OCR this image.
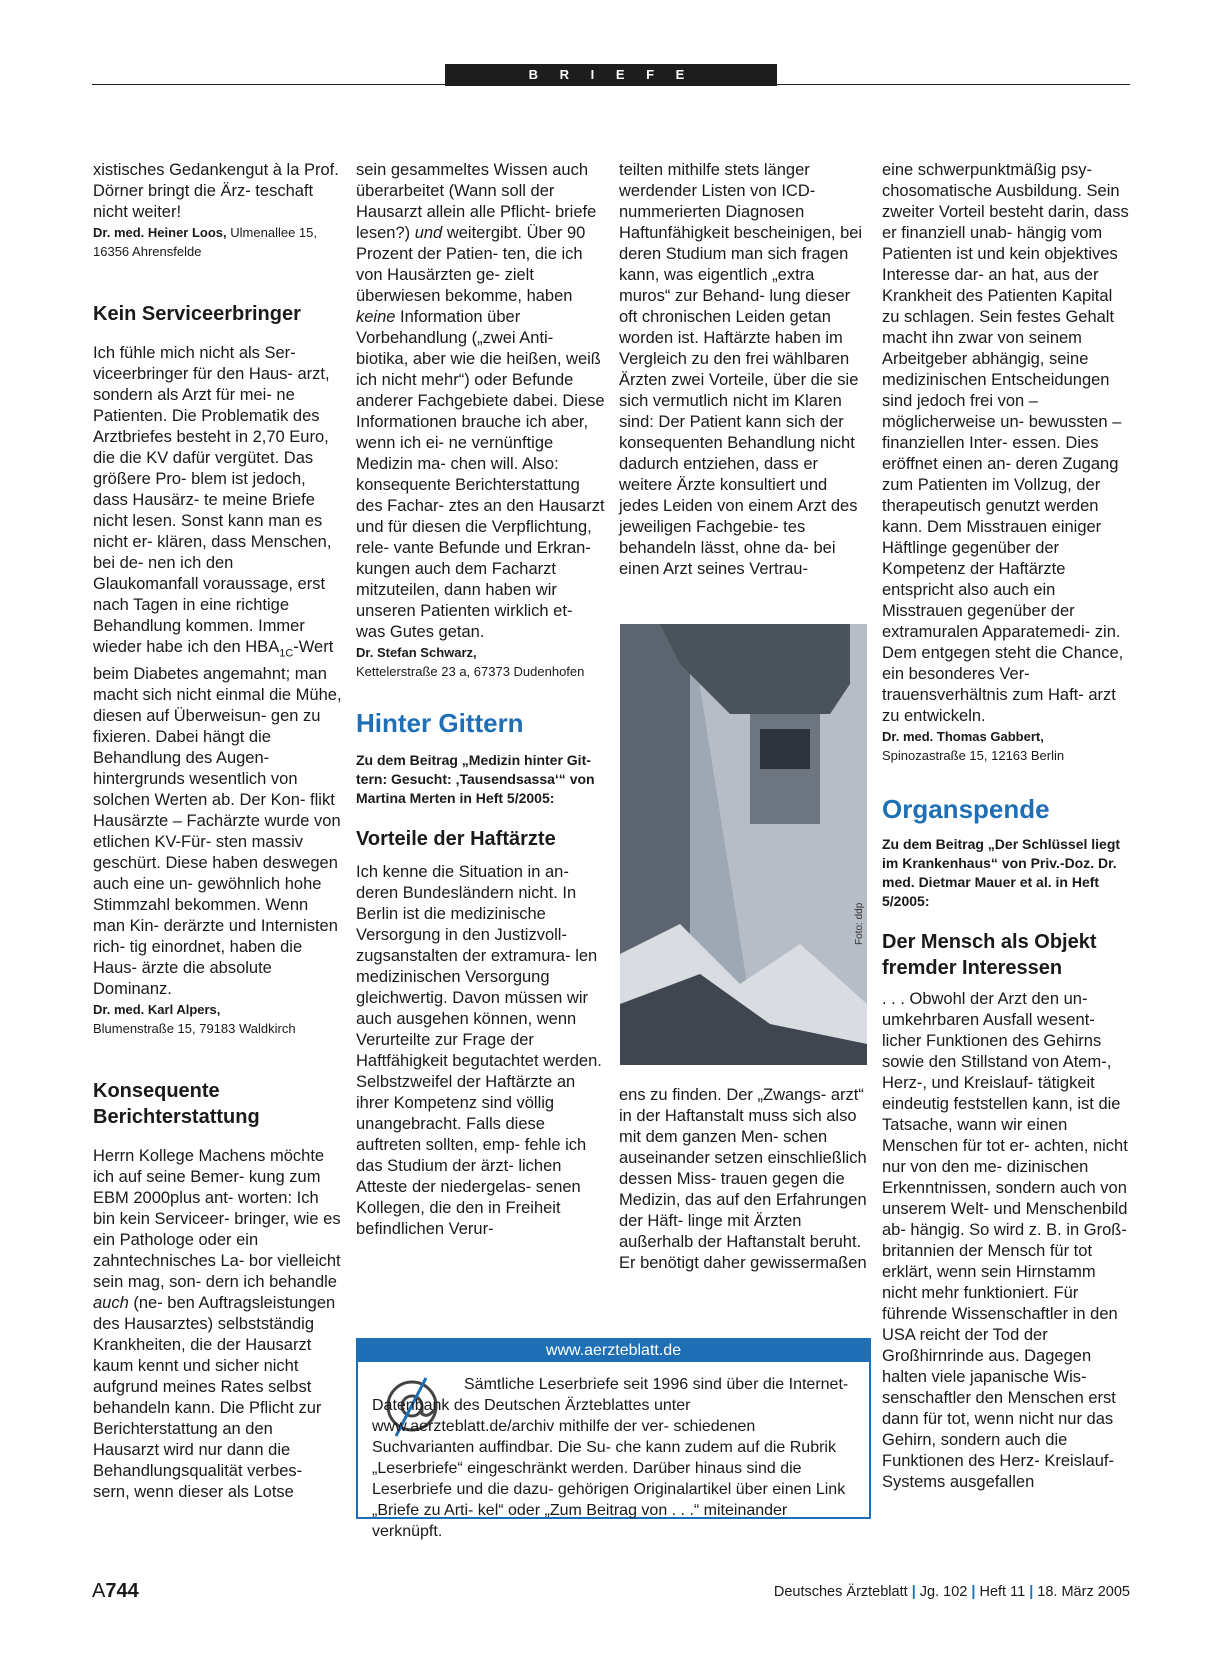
B R I E F E

xistisches Gedankengut à la Prof. Dörner bringt die Ärz- teschaft nicht weiter!

Dr. med. Heiner Loos, Ulmenallee 15, 16356 Ahrensfelde

Kein Serviceerbringer

Ich fühle mich nicht als Ser- viceerbringer für den Haus- arzt, sondern als Arzt für mei- ne Patienten. Die Problematik des Arztbriefes besteht in 2,70 Euro, die die KV dafür vergütet. Das größere Pro- blem ist jedoch, dass Hausärz- te meine Briefe nicht lesen. Sonst kann man es nicht er- klären, dass Menschen, bei de- nen ich den Glaukomanfall voraussage, erst nach Tagen in eine richtige Behandlung kommen. Immer wieder habe ich den $HBA_{1C}$-Wert beim Diabetes angemahnt; man macht sich nicht einmal die Mühe, diesen auf Überweisun- gen zu fixieren. Dabei hängt die Behandlung des Augen- hintergrunds wesentlich von solchen Werten ab. Der Kon- flikt Hausärzte – Fachärzte wurde von etlichen KV-Für- sten massiv geschürt. Diese haben deswegen auch eine un- gewöhnlich hohe Stimmzahl bekommen. Wenn man Kin- derärzte und Internisten rich- tig einordnet, haben die Haus- ärzte die absolute Dominanz.

Dr. med. Karl Alpers,
Blumenstraße 15, 79183 Waldkirch

Konsequente Berichterstattung

Herrn Kollege Machens möchte ich auf seine Bemer- kung zum EBM 2000plus ant- worten: Ich bin kein Serviceer- bringer, wie es ein Pathologe oder ein zahntechnisches La- bor vielleicht sein mag, son- dern ich behandle auch (ne- ben Auftragsleistungen des Hausarztes) selbstständig Krankheiten, die der Hausarzt kaum kennt und sicher nicht aufgrund meines Rates selbst behandeln kann. Die Pflicht zur Berichterstattung an den Hausarzt wird nur dann die Behandlungsqualität verbes- sern, wenn dieser als Lotse

sein gesammeltes Wissen auch überarbeitet (Wann soll der Hausarzt allein alle Pflicht- briefe lesen?) und weitergibt. Über 90 Prozent der Patien- ten, die ich von Hausärzten ge- zielt überwiesen bekomme, haben keine Information über Vorbehandlung („zwei Anti- biotika, aber wie die heißen, weiß ich nicht mehr“) oder Befunde anderer Fachgebiete dabei. Diese Informationen brauche ich aber, wenn ich ei- ne vernünftige Medizin ma- chen will. Also: konsequente Berichterstattung des Fachar- ztes an den Hausarzt und für diesen die Verpflichtung, rele- vante Befunde und Erkran- kungen auch dem Facharzt mitzuteilen, dann haben wir unseren Patienten wirklich et- was Gutes getan.

Dr. Stefan Schwarz,
Kettelerstraße 23 a, 67373 Dudenhofen

Hinter Gittern

Zu dem Beitrag „Medizin hinter Git- tern: Gesucht: ‚Tausendsassa‘“ von Martina Merten in Heft 5/2005:

Vorteile der Haftärzte

Ich kenne die Situation in an- deren Bundesländern nicht. In Berlin ist die medizinische Versorgung in den Justizvoll- zugsanstalten der extramura- len medizinischen Versorgung gleichwertig. Davon müssen wir auch ausgehen können, wenn Verurteilte zur Frage der Haftfähigkeit begutachtet werden. Selbstzweifel der Haftärzte an ihrer Kompetenz sind völlig unangebracht. Falls diese auftreten sollten, emp- fehle ich das Studium der ärzt- lichen Atteste der niedergelas- senen Kollegen, die den in Freiheit befindlichen Verur-

teilten mithilfe stets länger werdender Listen von ICD- nummerierten Diagnosen Haftunfähigkeit bescheinigen, bei deren Studium man sich fragen kann, was eigentlich „extra muros“ zur Behand- lung dieser oft chronischen Leiden getan worden ist. Haftärzte haben im Vergleich zu den frei wählbaren Ärzten zwei Vorteile, über die sie sich vermutlich nicht im Klaren sind: Der Patient kann sich der konsequenten Behandlung nicht dadurch entziehen, dass er weitere Ärzte konsultiert und jedes Leiden von einem Arzt des jeweiligen Fachgebie- tes behandeln lässt, ohne da- bei einen Arzt seines Vertrau-

Foto: ddp

ens zu finden. Der „Zwangs- arzt“ in der Haftanstalt muss sich also mit dem ganzen Men- schen auseinander setzen einschließlich dessen Miss- trauen gegen die Medizin, das auf den Erfahrungen der Häft- linge mit Ärzten außerhalb der Haftanstalt beruht. Er benötigt daher gewissermaßen

eine schwerpunktmäßig psy- chosomatische Ausbildung. Sein zweiter Vorteil besteht darin, dass er finanziell unab- hängig vom Patienten ist und kein objektives Interesse dar- an hat, aus der Krankheit des Patienten Kapital zu schlagen. Sein festes Gehalt macht ihn zwar von seinem Arbeitgeber abhängig, seine medizinischen Entscheidungen sind jedoch frei von – möglicherweise un- bewussten – finanziellen Inter- essen. Dies eröffnet einen an- deren Zugang zum Patienten im Vollzug, der therapeutisch genutzt werden kann. Dem Misstrauen einiger Häftlinge gegenüber der Kompetenz der Haftärzte entspricht also auch ein Misstrauen gegenüber der extramuralen Apparatemedi- zin. Dem entgegen steht die Chance, ein besonderes Ver- trauensverhältnis zum Haft- arzt zu entwickeln.

Dr. med. Thomas Gabbert,
Spinozastraße 15, 12163 Berlin

Organspende

Zu dem Beitrag „Der Schlüssel liegt im Krankenhaus“ von Priv.-Doz. Dr. med. Dietmar Mauer et al. in Heft 5/2005:

Der Mensch als Objekt fremder Interessen

. . . Obwohl der Arzt den un- umkehrbaren Ausfall wesent- licher Funktionen des Gehirns sowie den Stillstand von Atem-, Herz-, und Kreislauf- tätigkeit eindeutig feststellen kann, ist die Tatsache, wann wir einen Menschen für tot er- achten, nicht nur von den me- dizinischen Erkenntnissen, sondern auch von unserem Welt- und Menschenbild ab- hängig. So wird z. B. in Groß- britannien der Mensch für tot erklärt, wenn sein Hirnstamm nicht mehr funktioniert. Für führende Wissenschaftler in den USA reicht der Tod der Großhirnrinde aus. Dagegen halten viele japanische Wis- senschaftler den Menschen erst dann für tot, wenn nicht nur das Gehirn, sondern auch die Funktionen des Herz- Kreislauf-Systems ausgefallen

www.aerzteblatt.de
Sämtliche Leserbriefe seit 1996 sind über die Internet-Datenbank des Deutschen Ärzteblattes unter www.aerzteblatt.de/archiv mithilfe der ver- schiedenen Suchvarianten auffindbar. Die Su- che kann zudem auf die Rubrik „Leserbriefe“ eingeschränkt werden. Darüber hinaus sind die Leserbriefe und die dazu- gehörigen Originalartikel über einen Link „Briefe zu Arti- kel“ oder „Zum Beitrag von . . .“ miteinander verknüpft.
A744	Deutsches Ärzteblatt | Jg. 102 | Heft 11 | 18. März 2005
